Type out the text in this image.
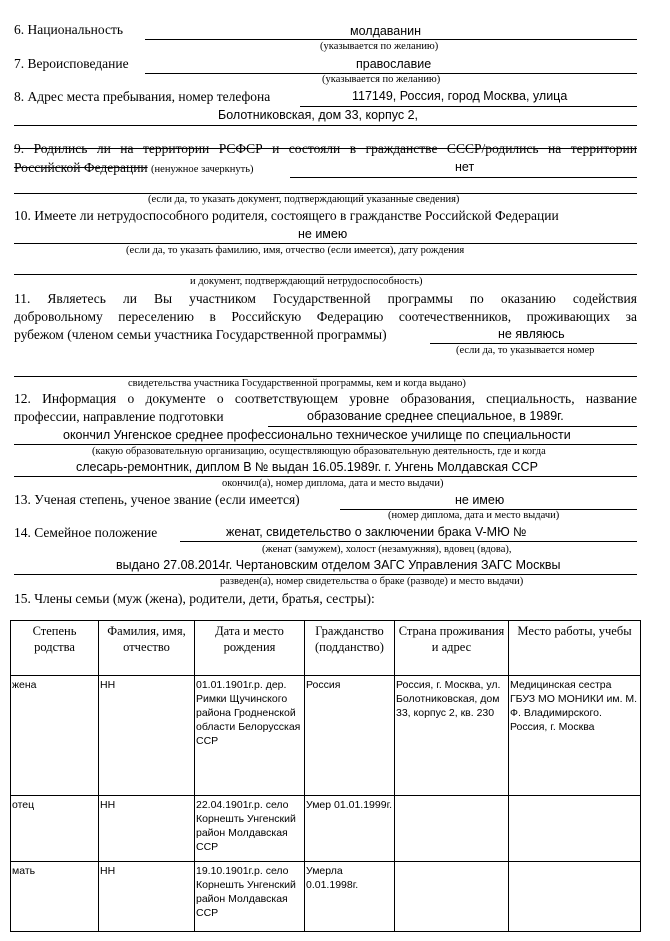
6. Национальность	молдаванин
(указывается по желанию)
7. Вероисповедание	православие
(указывается по желанию)
8. Адрес места пребывания, номер телефона	117149, Россия, город Москва, улица
Болотниковская, дом 33, корпус 2,
9. Родились ли на территории РСФСР и состояли в гражданстве СССР/родились на территории
Российской Федерации (ненужное зачеркнуть)	нет
(если да, то указать документ, подтверждающий указанные сведения)
10. Имеете ли нетрудоспособного родителя, состоящего в гражданстве Российской Федерации
не имею
(если да, то указать фамилию, имя, отчество (если имеется), дату рождения
и документ, подтверждающий нетрудоспособность)
11. Являетесь ли Вы участником Государственной программы по оказанию содействия
добровольному переселению в Российскую Федерацию соотечественников, проживающих за
рубежом (членом семьи участника Государственной программы)	не являюсь
(если да, то указывается номер
свидетельства участника Государственной программы, кем и когда выдано)
12. Информация о документе о соответствующем уровне образования, специальность, название
профессии, направление подготовки	образование среднее специальное, в 1989г.
окончил Унгенское среднее профессионально техническое училище по специальности
(какую образовательную организацию, осуществляющую образовательную деятельность, где и когда
слесарь-ремонтник, диплом В № выдан 16.05.1989г. г. Унгень Молдавская ССР
окончил(а), номер диплома, дата и место выдачи)
13. Ученая степень, ученое звание (если имеется)	не имею
(номер диплома, дата и место выдачи)
14. Семейное положение	женат, свидетельство о заключении брака V-МЮ №
(женат (замужем), холост (незамужняя), вдовец (вдова),
выдано 27.08.2014г. Чертановским отделом ЗАГС Управления ЗАГС Москвы
разведен(а), номер свидетельства о браке (разводе) и место выдачи)
15. Члены семьи (муж (жена), родители, дети, братья, сестры):
Степень родства	Фамилия, имя, отчество	Дата и место рождения	Гражданство (подданство)	Страна проживания и адрес	Место работы, учебы
жена	НН	01.01.1901г.р. дер. Римки Щучинского района Гродненской области Белорусская ССР	Россия	Россия, г. Москва, ул. Болотниковская, дом 33, корпус 2, кв. 230	Медицинская сестра ГБУЗ МО МОНИКИ им. М. Ф. Владимирского. Россия, г. Москва
отец	НН	22.04.1901г.р. село Корнешть Унгенский район Молдавская ССР	Умер 01.01.1999г.		
мать	НН	19.10.1901г.р. село Корнешть Унгенский район Молдавская ССР	Умерла 0.01.1998г.		
